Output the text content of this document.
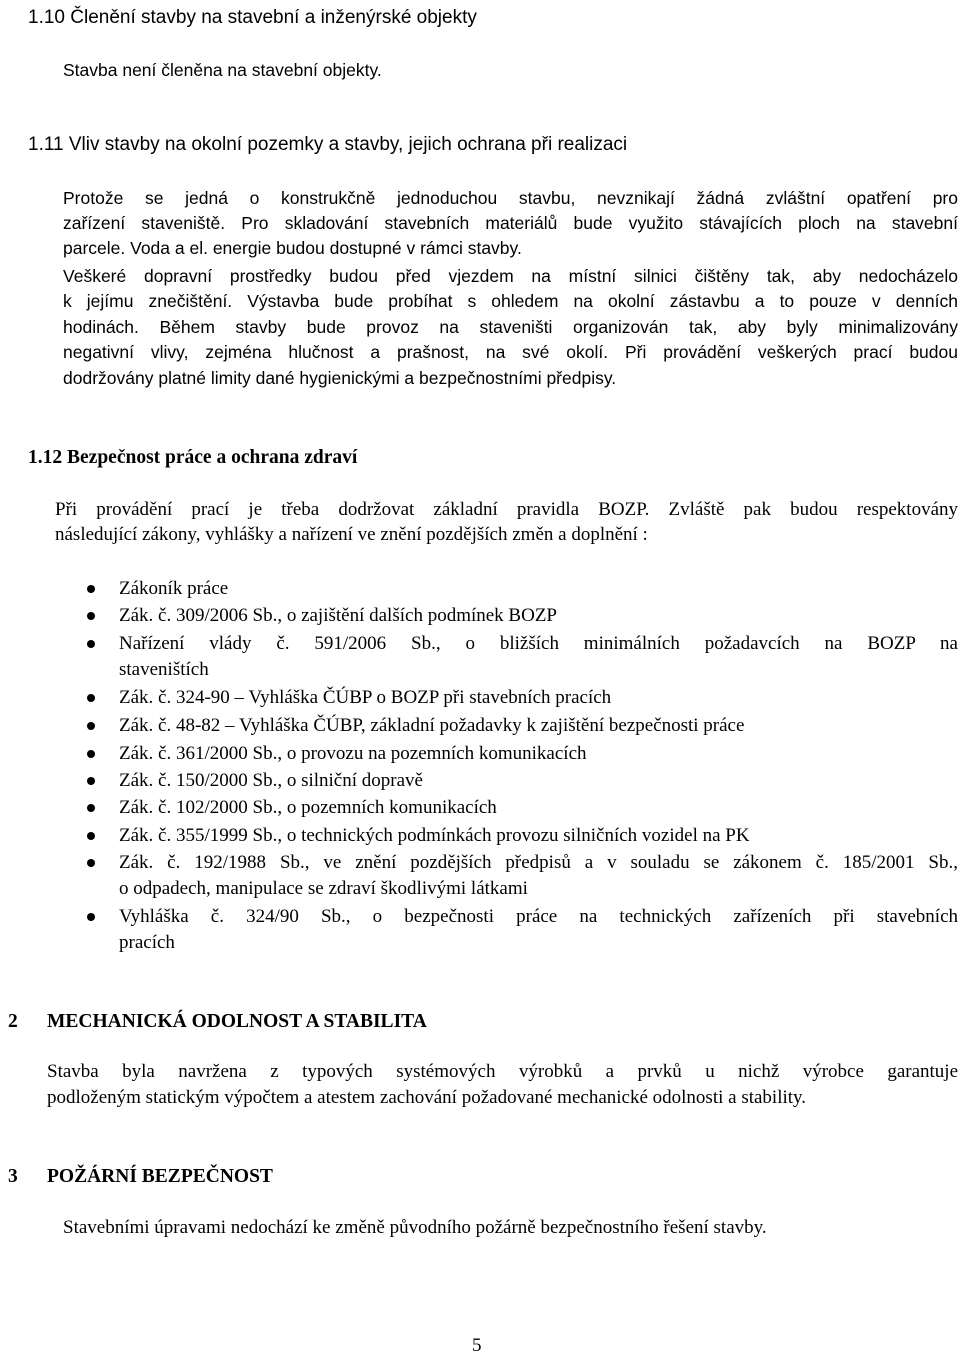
1.10 Členění stavby na stavební a inženýrské objekty
Stavba není členěna na stavební objekty.
1.11 Vliv stavby na okolní pozemky a stavby, jejich ochrana při realizaci
Protože se jedná o konstrukčně jednoduchou stavbu, nevznikají žádná zvláštní opatření pro
zařízení staveniště. Pro skladování stavebních materiálů bude využito stávajících ploch na stavební
parcele. Voda a el. energie budou dostupné v rámci stavby.
Veškeré dopravní prostředky budou před vjezdem na místní silnici čištěny tak, aby nedocházelo
k jejímu znečištění. Výstavba bude probíhat s ohledem na okolní zástavbu a to pouze v denních
hodinách. Během stavby bude provoz na staveništi organizován tak, aby byly minimalizovány
negativní vlivy, zejména hlučnost a prašnost, na své okolí. Při provádění veškerých prací budou
dodržovány platné limity dané hygienickými a bezpečnostními předpisy.
1.12 Bezpečnost práce a ochrana zdraví
Při provádění prací je třeba dodržovat základní pravidla BOZP. Zvláště pak budou respektovány
následující zákony, vyhlášky a nařízení ve znění pozdějších změn a doplnění :
Zákoník práce
Zák. č. 309/2006 Sb., o zajištění dalších podmínek BOZP
Nařízení vlády č. 591/2006 Sb., o bližších minimálních požadavcích na BOZP na
staveništích
Zák. č. 324-90 – Vyhláška ČÚBP o BOZP při stavebních pracích
Zák. č. 48-82 – Vyhláška ČÚBP, základní požadavky k zajištění bezpečnosti práce
Zák. č. 361/2000 Sb., o provozu na pozemních komunikacích
Zák. č. 150/2000 Sb., o silniční dopravě
Zák. č. 102/2000 Sb., o pozemních komunikacích
Zák. č. 355/1999 Sb., o technických podmínkách provozu silničních vozidel na PK
Zák. č. 192/1988 Sb., ve znění pozdějších předpisů a v souladu se zákonem č. 185/2001 Sb.,
o odpadech, manipulace se zdraví škodlivými látkami
Vyhláška č. 324/90 Sb., o bezpečnosti práce na technických zařízeních při stavebních
pracích
2 MECHANICKÁ ODOLNOST A STABILITA
Stavba byla navržena z typových systémových výrobků a prvků u nichž výrobce garantuje
podloženým statickým výpočtem a atestem zachování požadované mechanické odolnosti a stability.
3 POŽÁRNÍ BEZPEČNOST
Stavebními úpravami nedochází ke změně původního požárně bezpečnostního řešení stavby.
5
